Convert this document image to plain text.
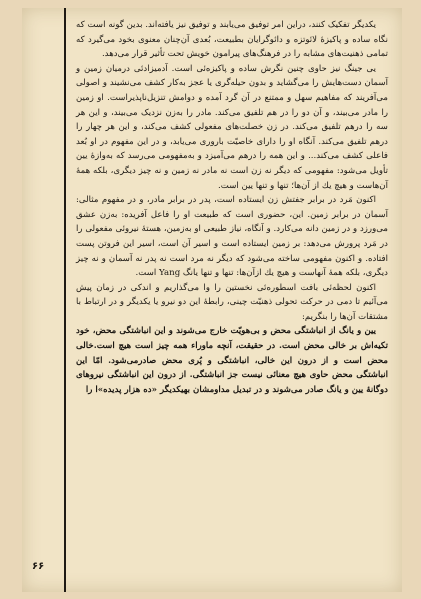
یکدیگر تفکیک کنند، دراین امر توفیق می‌یابند و توفیق نیز یافته‌اند. بدین گونه است که نگاه ساده و پاکیزهٔ لائوتزه و دائوگرایان بطبیعت، بُعدی آن‌چنان معنوی بخود می‌گیرد که تمامی ذهنیت‌های مشابه را در فرهنگ‌های پیرامون خویش تحت تأثیر قرار می‌دهد.

یی جینگ نیز حاوی چنین نگرش ساده و پاکیزه‌ئی است. آدمیزادئی درمیان زمین و آسمان دست‌هایش را می‌گشاید و بدون حیله‌گری یا عجز به‌کار کشف می‌نشیند و اصولی می‌آفریند که مفاهیم سهل و ممتنع در آن گرد آمده و دوامش تنزیل‌ناپذیراست. او زمین را مادر می‌بیند، و آن دو را در هم تلفیق می‌کند. مادر را به‌زن نزدیک می‌بیند، و این هر سه را درهم تلفیق می‌کند. در زن خصلت‌های مفعولی کشف می‌کند، و این هر چهار را درهم تلفیق می‌کند. آنگاه او را دارای خاصیّت باروری می‌یابد، و در این مفهوم در او بُعد فاعلی کشف می‌کند... و این همه را درهم می‌آمیزد و به‌مفهومی می‌رسد که به‌وازهٔ یین تأویل می‌شود: مفهومی که دیگر نه زن است نه مادر نه زمین و نه چیز دیگری، بلکه همهٔ آن‌هاست و هیچ یك از آن‌ها؛ تنها و تنها یین است.

اکنون مَرد در برابر جفتش زن ایستاده است، پدر در برابر مادر، و در مفهوم مثالی: آسمان در برابر زمین. این، حضوری است که طبیعت او را فاعل آفریده: به‌زن عشق می‌ورزد و در زمین دانه می‌کارد. و آنگاه، نیاز طبیعی او به‌زمین، هستهٔ نیروئی مفعولی را در مَرد پرورش می‌دهد: بر زمین ایستاده است و اسیر آن است، اسیر این فروتن پست افتاده. و اکنون مفهومی ساخته می‌شود که دیگر نه مرد است نه پدر نه آسمان و نه چیز دیگری، بلکه همهٔ آنهاست و هیچ یك ازآن‌ها: تنها و تنها یانگ Yang است.

اکنون لحظه‌ئی بافت اسطوره‌ئی نخستین را وا می‌گذاریم و اندکی در زمان پیش می‌آئیم تا دمی در حرکت تحولی ذهنیّت چینی، رابطهٔ این دو نیرو یا یکدیگر و در ارتباط با مشتقات آن‌ها را بنگریم:

یین و یانگ از انباشتگی محض و بی‌هویّت خارج می‌شوند و این انباشتگی محض، خود تکیه‌اش بر خالی محض است. در حقیقت، آنچه ماوراء همه چیز است هیچ است.خالی محض است و از درون این خالی، انباشتگی و پُری محض صادرمی‌شود. امّا این انباشتگی محض حاوی هیچ معنائی نیست جز انباشتگی. از درون این انباشتگی نیروهای دوگانهٔ یین و یانگ صادر می‌شوند و در تبدیل مداومشان بهیکدیگر «ده هزار پدیده»ا را

۶۶
